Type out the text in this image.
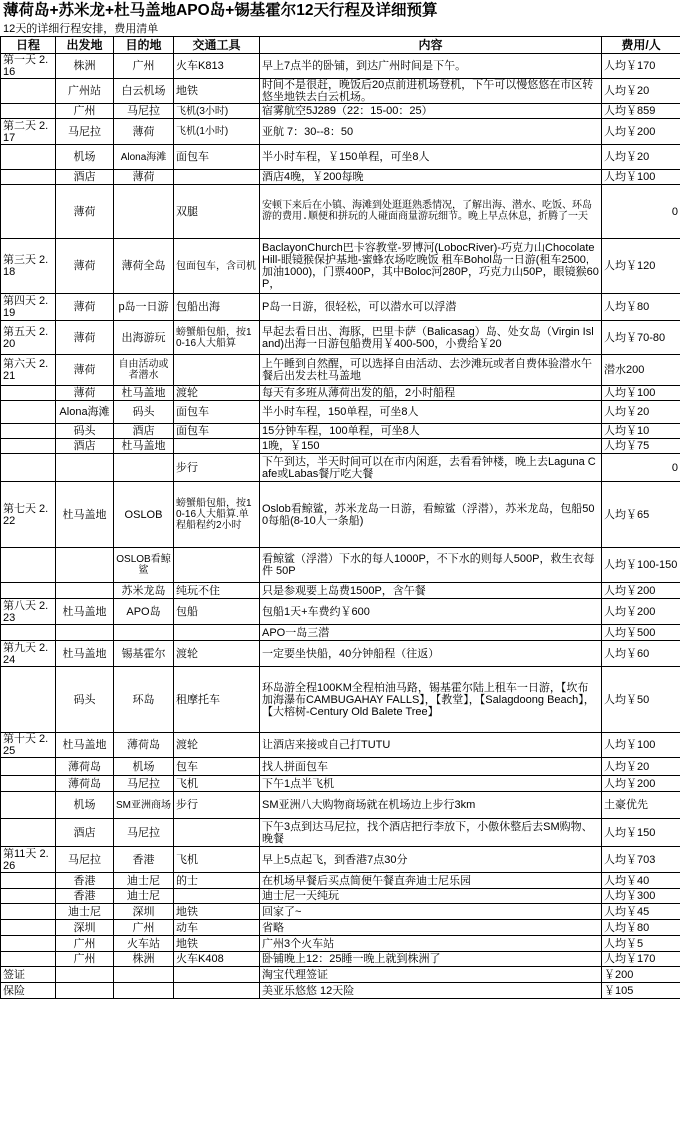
薄荷岛+苏米龙+杜马盖地APO岛+锡基霍尔12天行程及详细预算
12天的详细行程安排，费用清单
日程	出发地	目的地	交通工具	内容	费用/人
第一天 2.16	株洲	广州	火车K813	早上7点半的卧铺，到达广州时间是下午。	人均￥170
	广州站	白云机场	地铁	时间不是很赶，晚饭后20点前进机场登机，下午可以慢悠悠在市区转悠坐地铁去白云机场。	人均￥20
	广州	马尼拉	飞机(3小时)	宿雾航空5J289（22：15-00：25）	人均￥859
第二天 2.17	马尼拉	薄荷	飞机(1小时)	亚航 7：30--8：50	人均￥200
	机场	Alona海滩	面包车	半小时车程，￥150单程，可坐8人	人均￥20
	酒店	薄荷		酒店4晚，￥200每晚	人均￥100
	薄荷		双腿	安顿下来后在小镇、海滩到处逛逛熟悉情况，了解出海、潜水、吃饭、环岛游的费用.顺便和拼玩的人碰面商量游玩细节。晚上早点休息，折腾了一天	0
第三天 2.18	薄荷	薄荷全岛	包面包车，含司机	BaclayonChurch巴卡容教堂-罗博河(LobocRiver)-巧克力山ChocolateHill-眼镜猴保护基地-蜜蜂农场吃晚饭 租车Bohol岛一日游(租车2500, 加油1000)，门票400P，其中Boloc河280P，巧克力山50P，眼镜猴60P，	人均￥120
第四天 2.19	薄荷	p岛一日游	包船出海	P岛一日游，很轻松，可以潜水可以浮潜	人均￥80
第五天 2.20	薄荷	出海游玩	螃蟹船包船，按10-16人大船算	早起去看日出、海豚，巴里卡萨（Balicasag）岛、处女岛（Virgin Island)出海一日游包船费用￥400-500，小费给￥20	人均￥70-80
第六天 2.21	薄荷	自由活动或者潜水		上午睡到自然醒，可以选择自由活动、去沙滩玩或者自费体验潜水午餐后出发去杜马盖地	潜水200
	薄荷	杜马盖地	渡轮	每天有多班从薄荷出发的船，2小时船程	人均￥100
	Alona海滩	码头	面包车	半小时车程，150单程，可坐8人	人均￥20
	码头	酒店	面包车	15分钟车程，100单程，可坐8人	人均￥10
	酒店	杜马盖地		1晚，￥150	人均￥75
			步行	下午到达，半天时间可以在市内闲逛，去看看钟楼，晚上去Laguna Cafe或Labas餐厅吃大餐	0
第七天 2.22	杜马盖地	OSLOB	螃蟹船包船，按10-16人大船算.单程船程约2小时	Oslob看鲸鲨，苏米龙岛一日游，看鲸鲨（浮潜），苏米龙岛，包船500每船(8-10人一条船)	人均￥65
		OSLOB看鲸鲨		看鲸鲨（浮潜）下水的每人1000P，不下水的则每人500P，救生衣每件 50P	人均￥100-150
		苏米龙岛	纯玩不住	只是参观要上岛费1500P，含午餐	人均￥200
第八天 2.23	杜马盖地	APO岛	包船	包船1天+车费约￥600	人均￥200
				APO一岛三潜	人均￥500
第九天 2.24	杜马盖地	锡基霍尔	渡轮	一定要坐快船，40分钟船程（往返）	人均￥60
	码头	环岛	租摩托车	环岛游全程100KM全程柏油马路，锡基霍尔陆上租车一日游，【坎布加海瀑布CAMBUGAHAY FALLS】，【教堂】，【Salagdoong Beach】，【大榕树-Century Old Balete Tree】	人均￥50
第十天 2.25	杜马盖地	薄荷岛	渡轮	让酒店来接或自己打TUTU	人均￥100
	薄荷岛	机场	包车	找人拼面包车	人均￥20
	薄荷岛	马尼拉	飞机	下午1点半飞机	人均￥200
	机场	SM亚洲商场	步行	SM亚洲八大购物商场就在机场边上步行3km	土豪优先
	酒店	马尼拉		下午3点到达马尼拉，找个酒店把行李放下，小傲休整后去SM购物、晚餐	人均￥150
第11天 2.26	马尼拉	香港	飞机	早上5点起飞，到香港7点30分	人均￥703
	香港	迪士尼	的士	在机场早餐后买点简便午餐直奔迪士尼乐园	人均￥40
	香港	迪士尼		迪士尼一天纯玩	人均￥300
	迪士尼	深圳	地铁	回家了~	人均￥45
	深圳	广州	动车	省略	人均￥80
	广州	火车站	地铁	广州3个火车站	人均￥5
	广州	株洲	火车K408	卧铺晚上12：25睡一晚上就到株洲了	人均￥170
签证				淘宝代理签证	￥200
保险				美亚乐悠悠 12天险	￥105
